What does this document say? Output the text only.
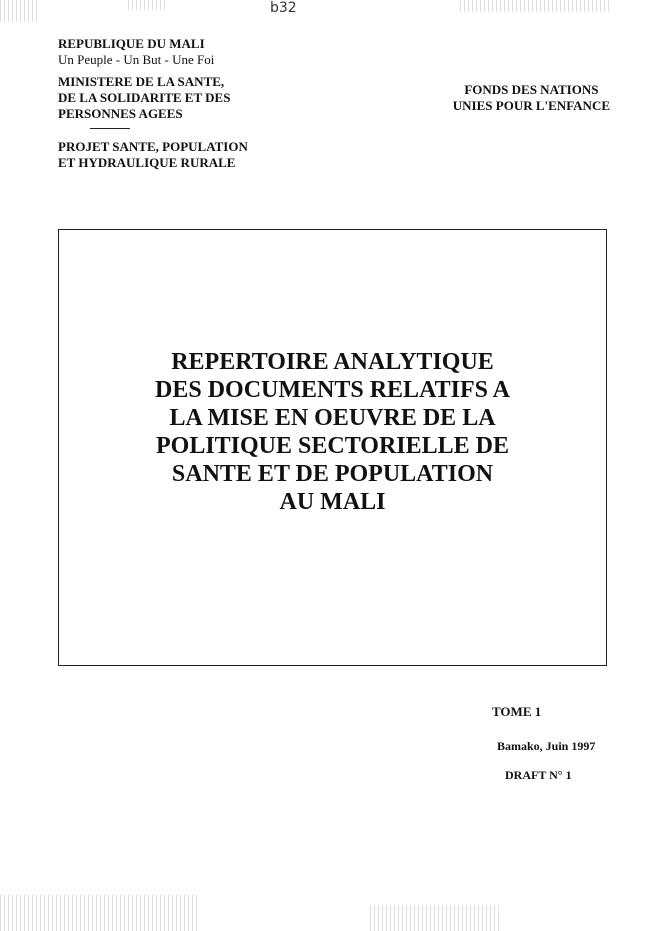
b32
REPUBLIQUE DU MALI
Un Peuple - Un But - Une Foi
MINISTERE DE LA SANTE,
DE LA SOLIDARITE ET DES
PERSONNES AGEES
PROJET SANTE, POPULATION
ET HYDRAULIQUE RURALE
FONDS DES NATIONS
UNIES POUR L'ENFANCE
REPERTOIRE ANALYTIQUE
DES DOCUMENTS RELATIFS A
LA MISE EN OEUVRE DE LA
POLITIQUE SECTORIELLE DE
SANTE ET DE POPULATION
AU MALI
TOME 1
Bamako, Juin 1997
DRAFT N° 1
